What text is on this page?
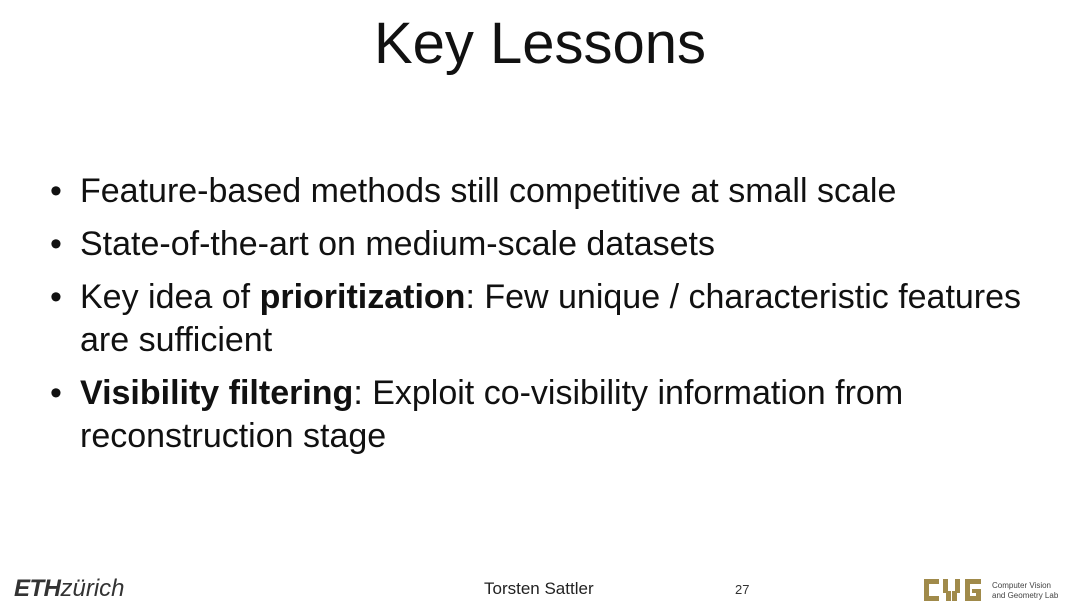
Key Lessons
• Feature-based methods still competitive at small scale
• State-of-the-art on medium-scale datasets
• Key idea of prioritization: Few unique / characteristic features are sufficient
• Visibility filtering: Exploit co-visibility information from reconstruction stage
ETHzürich	Torsten Sattler	27	Computer Vision
and Geometry Lab
